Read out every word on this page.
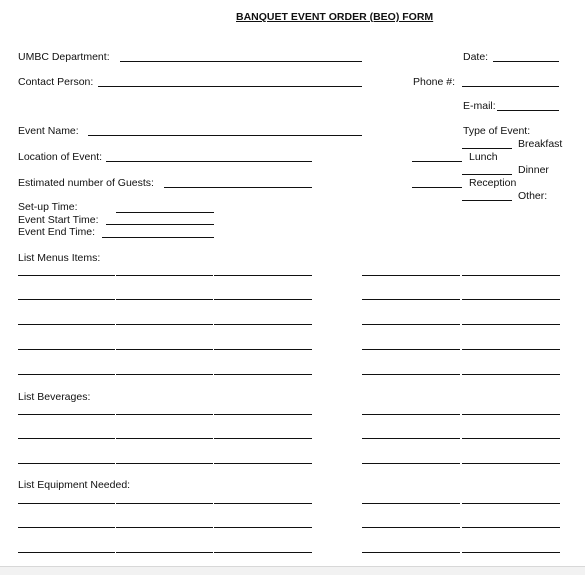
BANQUET EVENT ORDER (BEO) FORM
UMBC Department:	Date:
Contact Person:	Phone #:
E-mail:
Event Name:	Type of Event:
Breakfast
Location of Event:	Lunch
Dinner
Estimated number of Guests:	Reception
Other:
Set-up Time:
Event Start Time:
Event End Time:
List Menus Items:
List Beverages:
List Equipment Needed:
